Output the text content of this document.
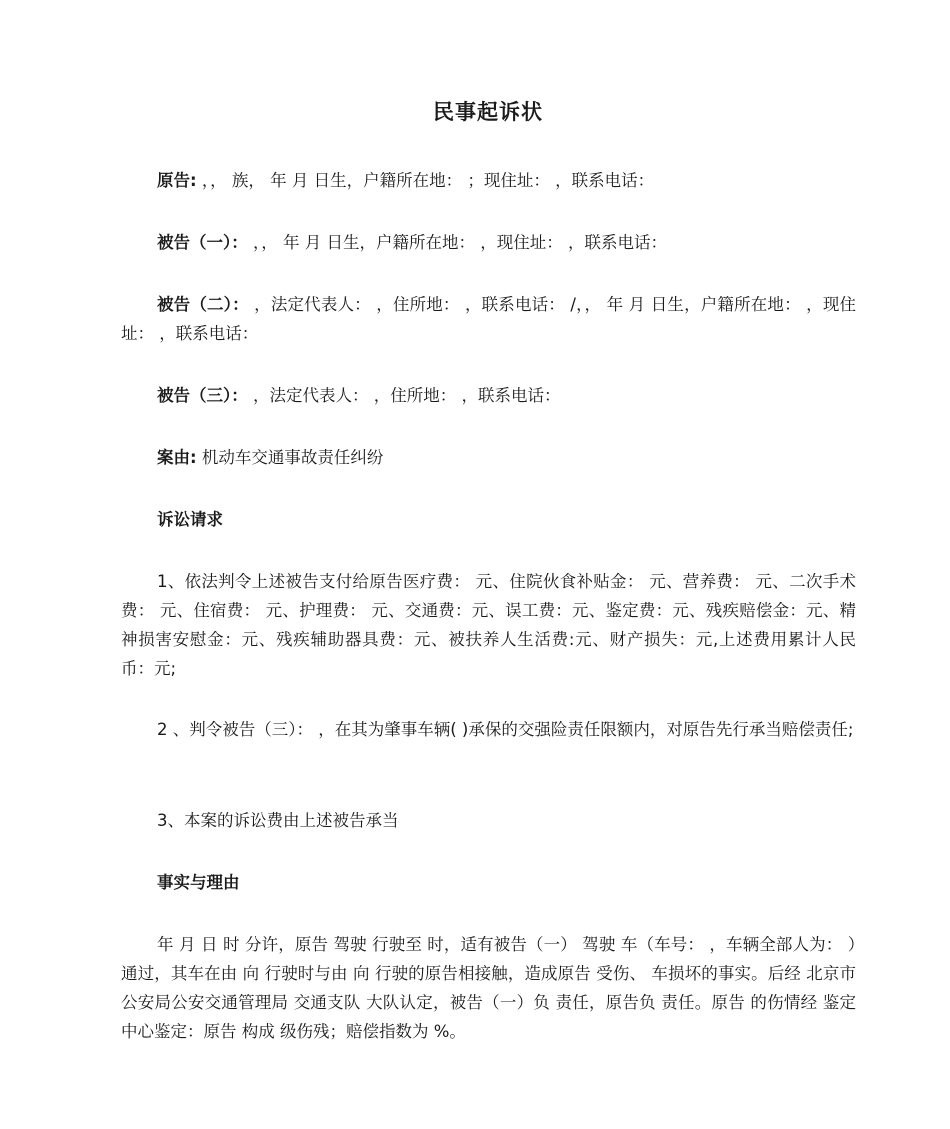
民事起诉状

原告: ，， 族， 年 月 日生，户籍所在地： ；现住址： ，联系电话：

被告（一）： ，， 年 月 日生，户籍所在地： ，现住址： ，联系电话：

被告（二）： ，法定代表人： ，住所地： ，联系电话： /，， 年 月 日生，户籍所在地： ，现住址： ，联系电话：

被告（三）： ，法定代表人： ，住所地： ，联系电话：

案由: 机动车交通事故责任纠纷

诉讼请求

1、依法判令上述被告支付给原告医疗费： 元、住院伙食补贴金： 元、营养费： 元、二次手术费： 元、住宿费： 元、护理费： 元、交通费：元、误工费：元、鉴定费：元、残疾赔偿金：元、精神损害安慰金：元、残疾辅助器具费：元、被扶养人生活费:元、财产损失：元,上述费用累计人民币：元;

2 、判令被告（三）： ，在其为肇事车辆( )承保的交强险责任限额内，对原告先行承当赔偿责任;

3、本案的诉讼费由上述被告承当

事实与理由

年 月 日 时 分许，原告 驾驶 行驶至 时，适有被告（一） 驾驶 车（车号： ，车辆全部人为： ）通过，其车在由 向 行驶时与由 向 行驶的原告相接触，造成原告 受伤、 车损坏的事实。后经 北京市公安局公安交通管理局 交通支队 大队认定，被告（一）负 责任，原告负 责任。原告 的伤情经 鉴定中心鉴定：原告 构成 级伤残；赔偿指数为 %。
